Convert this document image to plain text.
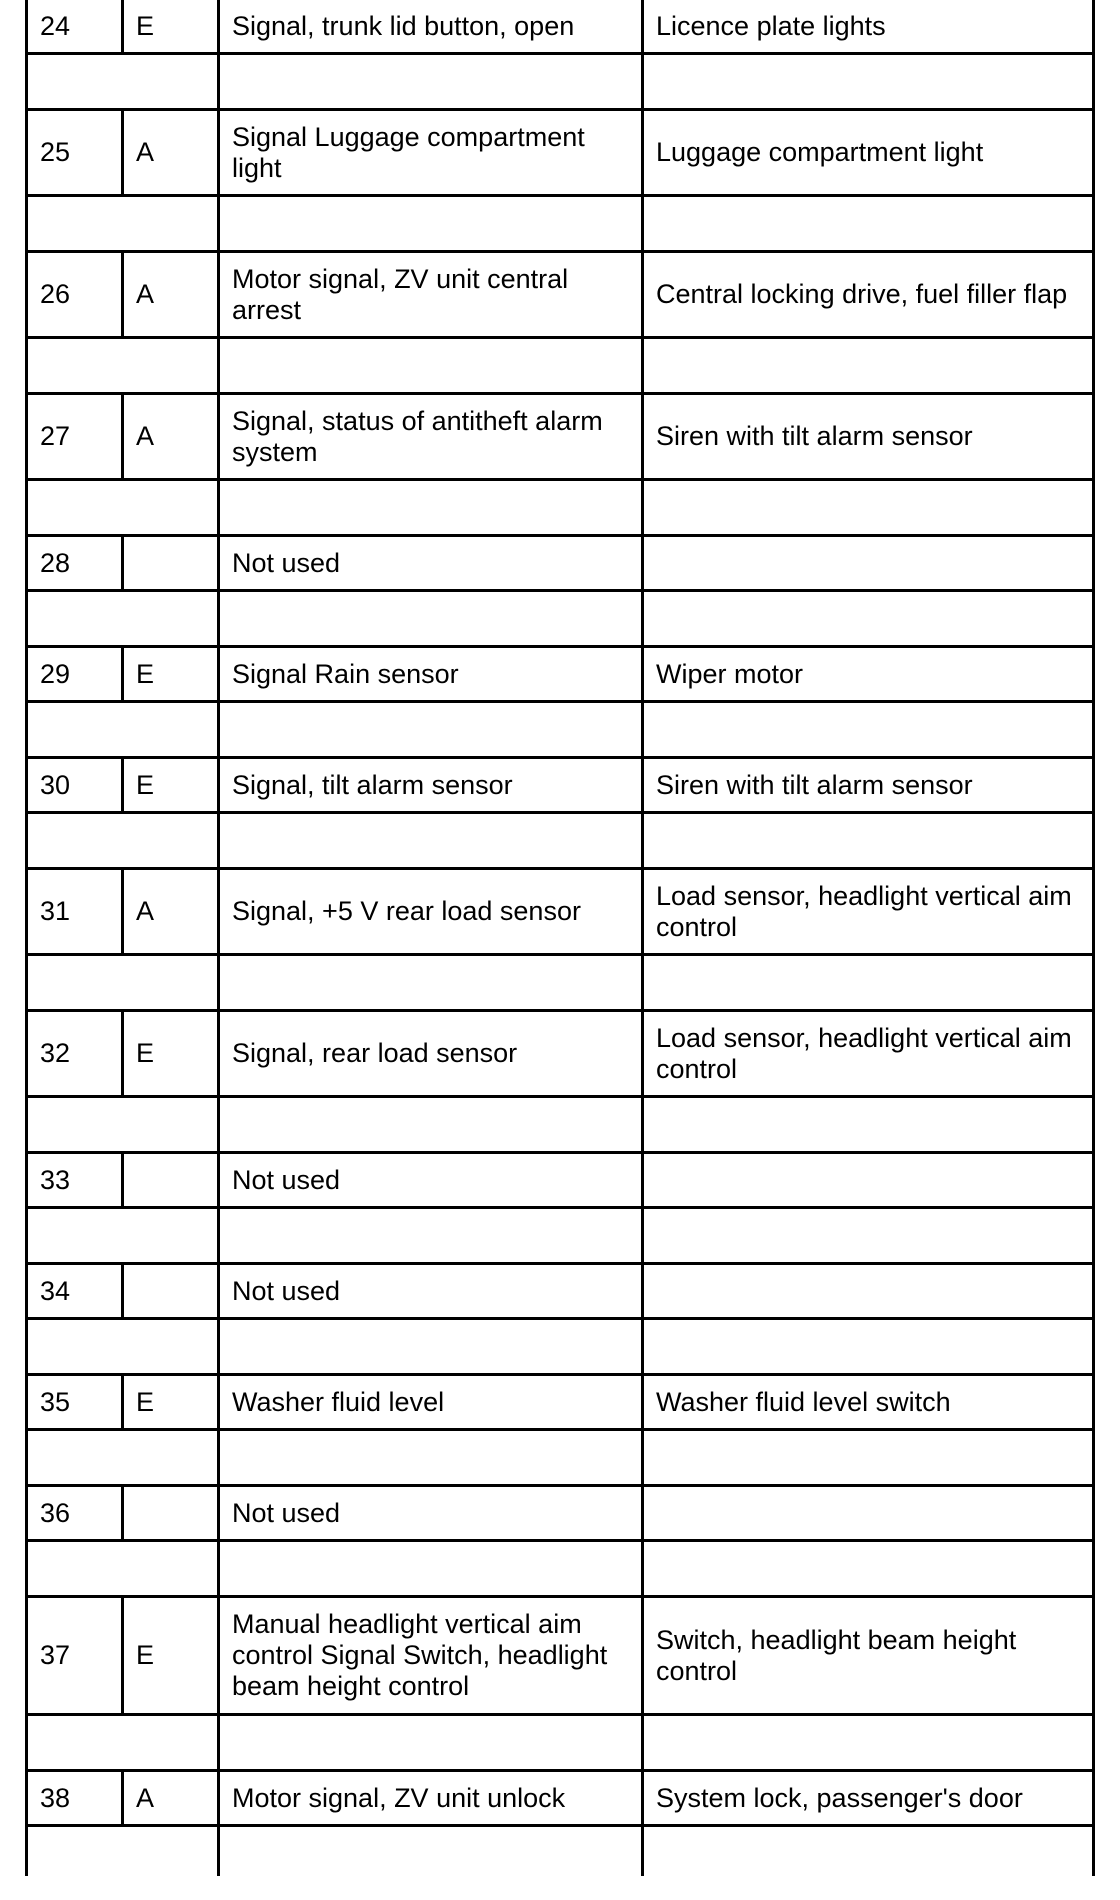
24	E	Signal, trunk lid button, open	Licence plate lights

25	A	Signal Luggage compartment light	Luggage compartment light

26	A	Motor signal, ZV unit central arrest	Central locking drive, fuel filler flap

27	A	Signal, status of antitheft alarm system	Siren with tilt alarm sensor

28		Not used	

29	E	Signal Rain sensor	Wiper motor

30	E	Signal, tilt alarm sensor	Siren with tilt alarm sensor

31	A	Signal, +5 V rear load sensor	Load sensor, headlight vertical aim control

32	E	Signal, rear load sensor	Load sensor, headlight vertical aim control

33		Not used	

34		Not used	

35	E	Washer fluid level	Washer fluid level switch

36		Not used	

37	E	Manual headlight vertical aim control Signal Switch, headlight beam height control	Switch, headlight beam height control

38	A	Motor signal, ZV unit unlock	System lock, passenger's door
